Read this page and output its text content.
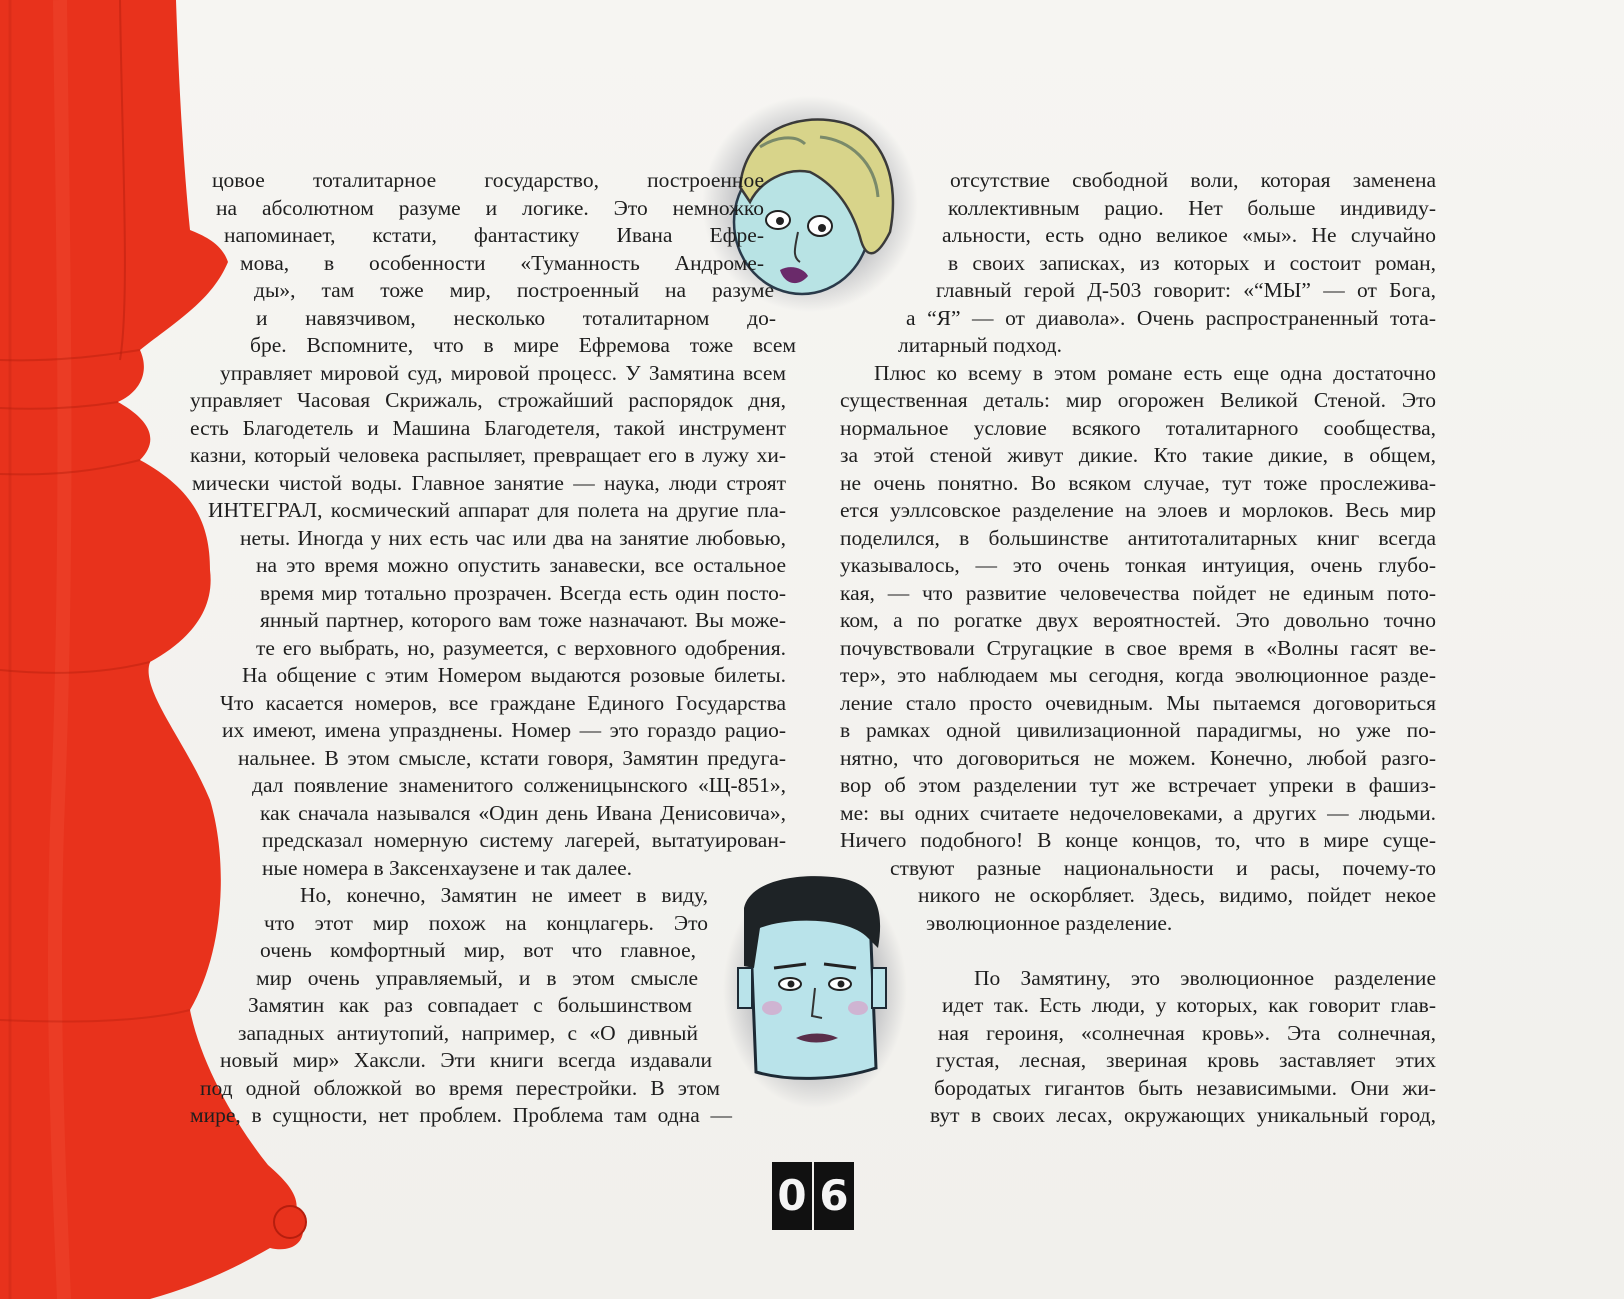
цовое тоталитарное государство, построенное
на абсолютном разуме и логике. Это немножко
напоминает, кстати, фантастику Ивана Ефре-
мова, в особенности «Туманность Андроме-
ды», там тоже мир, построенный на разуме
и навязчивом, несколько тоталитарном до-
бре. Вспомните, что в мире Ефремова тоже всем
управляет мировой суд, мировой процесс. У Замятина всем
управляет Часовая Скрижаль, строжайший распорядок дня,
есть Благодетель и Машина Благодетеля, такой инструмент
казни, который человека распыляет, превращает его в лужу хи-
мически чистой воды. Главное занятие — наука, люди строят
ИНТЕГРАЛ, космический аппарат для полета на другие пла-
неты. Иногда у них есть час или два на занятие любовью,
на это время можно опустить занавески, все остальное
время мир тотально прозрачен. Всегда есть один посто-
янный партнер, которого вам тоже назначают. Вы може-
те его выбрать, но, разумеется, с верховного одобрения.
На общение с этим Номером выдаются розовые билеты.
Что касается номеров, все граждане Единого Государства
их имеют, имена упразднены. Номер — это гораздо рацио-
нальнее. В этом смысле, кстати говоря, Замятин предуга-
дал появление знаменитого солженицынского «Щ-851»,
как сначала назывался «Один день Ивана Денисовича»,
предсказал номерную систему лагерей, вытатуирован-
ные номера в Заксенхаузене и так далее.

Но, конечно, Замятин не имеет в виду,
что этот мир похож на концлагерь. Это
очень комфортный мир, вот что главное,
мир очень управляемый, и в этом смысле
Замятин как раз совпадает с большинством
западных антиутопий, например, с «О дивный
новый мир» Хаксли. Эти книги всегда издавали
под одной обложкой во время перестройки. В этом
мире, в сущности, нет проблем. Проблема там одна —

отсутствие свободной воли, которая заменена
коллективным рацио. Нет больше индивиду-
альности, есть одно великое «мы». Не случайно
в своих записках, из которых и состоит роман,
главный герой Д-503 говорит: «“МЫ” — от Бога,
а “Я” — от диавола». Очень распространенный тота-
литарный подход.

Плюс ко всему в этом романе есть еще одна достаточно
существенная деталь: мир огорожен Великой Стеной. Это
нормальное условие всякого тоталитарного сообщества,
за этой стеной живут дикие. Кто такие дикие, в общем,
не очень понятно. Во всяком случае, тут тоже прослежива-
ется уэллсовское разделение на элоев и морлоков. Весь мир
поделился, в большинстве антитоталитарных книг всегда
указывалось, — это очень тонкая интуиция, очень глубо-
кая, — что развитие человечества пойдет не единым пото-
ком, а по рогатке двух вероятностей. Это довольно точно
почувствовали Стругацкие в свое время в «Волны гасят ве-
тер», это наблюдаем мы сегодня, когда эволюционное разде-
ление стало просто очевидным. Мы пытаемся договориться
в рамках одной цивилизационной парадигмы, но уже по-
нятно, что договориться не можем. Конечно, любой разго-
вор об этом разделении тут же встречает упреки в фашиз-
ме: вы одних считаете недочеловеками, а других — людьми.
Ничего подобного! В конце концов, то, что в мире суще-
ствуют разные национальности и расы, почему-то
никого не оскорбляет. Здесь, видимо, пойдет некое
эволюционное разделение.

По Замятину, это эволюционное разделение
идет так. Есть люди, у которых, как говорит глав-
ная героиня, «солнечная кровь». Эта солнечная,
густая, лесная, звериная кровь заставляет этих
бородатых гигантов быть независимыми. Они жи-
вут в своих лесах, окружающих уникальный город,

0 6
